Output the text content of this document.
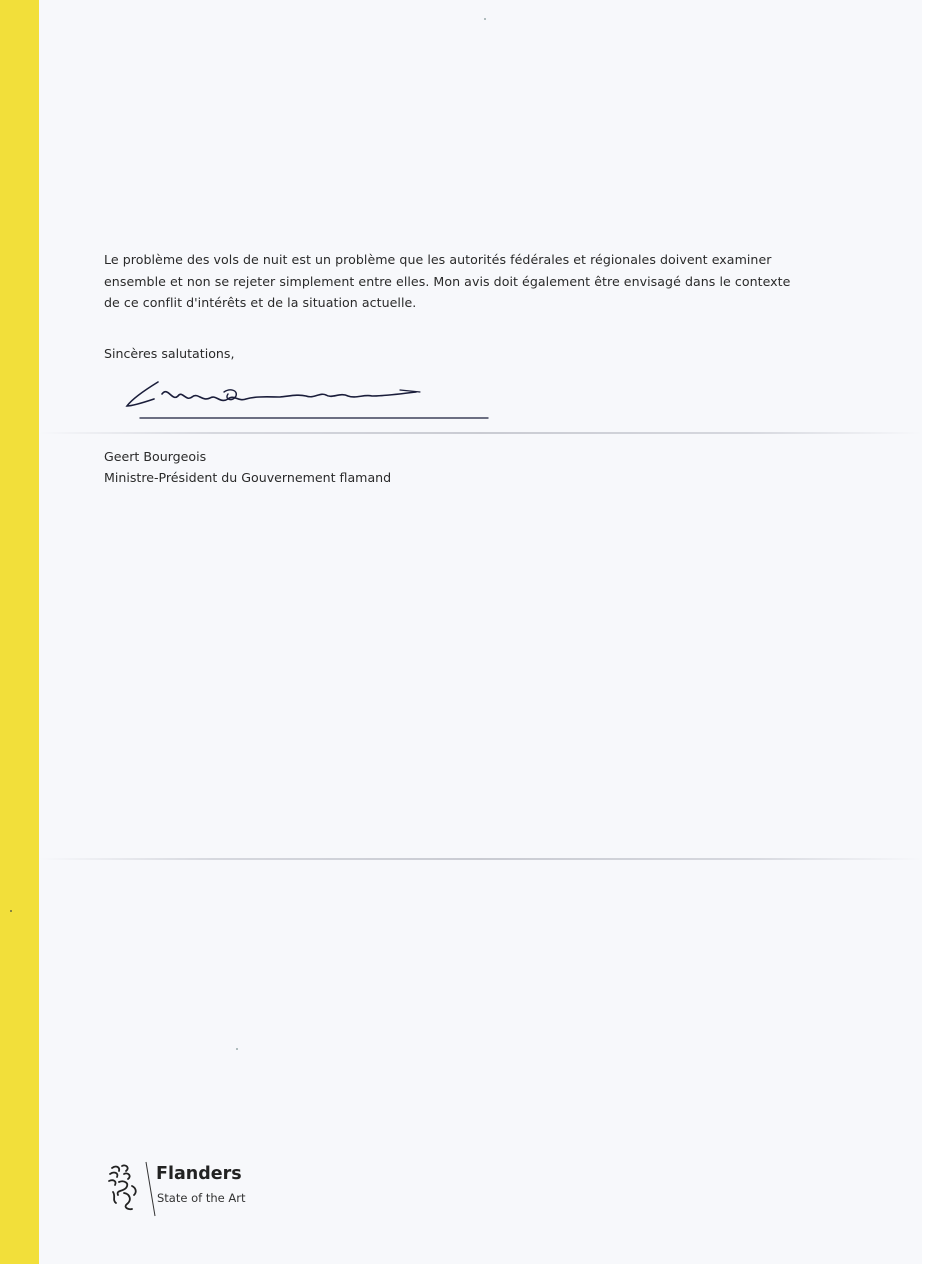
Le problème des vols de nuit est un problème que les autorités fédérales et régionales doivent examiner
ensemble et non se rejeter simplement entre elles. Mon avis doit également être envisagé dans le contexte
de ce conflit d'intérêts et de la situation actuelle.
Sincères salutations,
Geert Bourgeois
Ministre-Président du Gouvernement flamand
Flanders
State of the Art
